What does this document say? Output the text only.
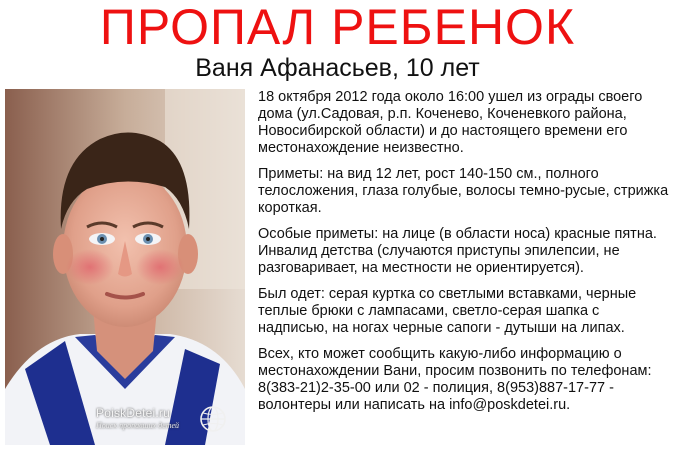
ПРОПАЛ РЕБЕНОК
Ваня Афанасьев, 10 лет
PoiskDetei.ru
Поиск пропавших детей

18 октября 2012 года около 16:00 ушел из ограды своего дома (ул.Садовая, р.п. Коченево, Коченевкого района, Новосибирской области) и до настоящего времени его местонахождение неизвестно.

Приметы: на вид 12 лет, рост 140-150 см., полного телосложения, глаза голубые, волосы темно-русые, стрижка короткая.

Особые приметы: на лице (в области носа) красные пятна. Инвалид детства (случаются приступы эпилепсии, не разговаривает, на местности не ориентируется).

Был одет: серая куртка со светлыми вставками, черные теплые брюки с лампасами, светло-серая шапка с надписью, на ногах черные сапоги - дутыши на липах.

Всех, кто может сообщить какую-либо информацию о местонахождении Вани, просим позвонить по телефонам: 8(383-21)2-35-00 или 02 - полиция, 8(953)887-17-77 - волонтеры или написать на info@poskdetei.ru.
